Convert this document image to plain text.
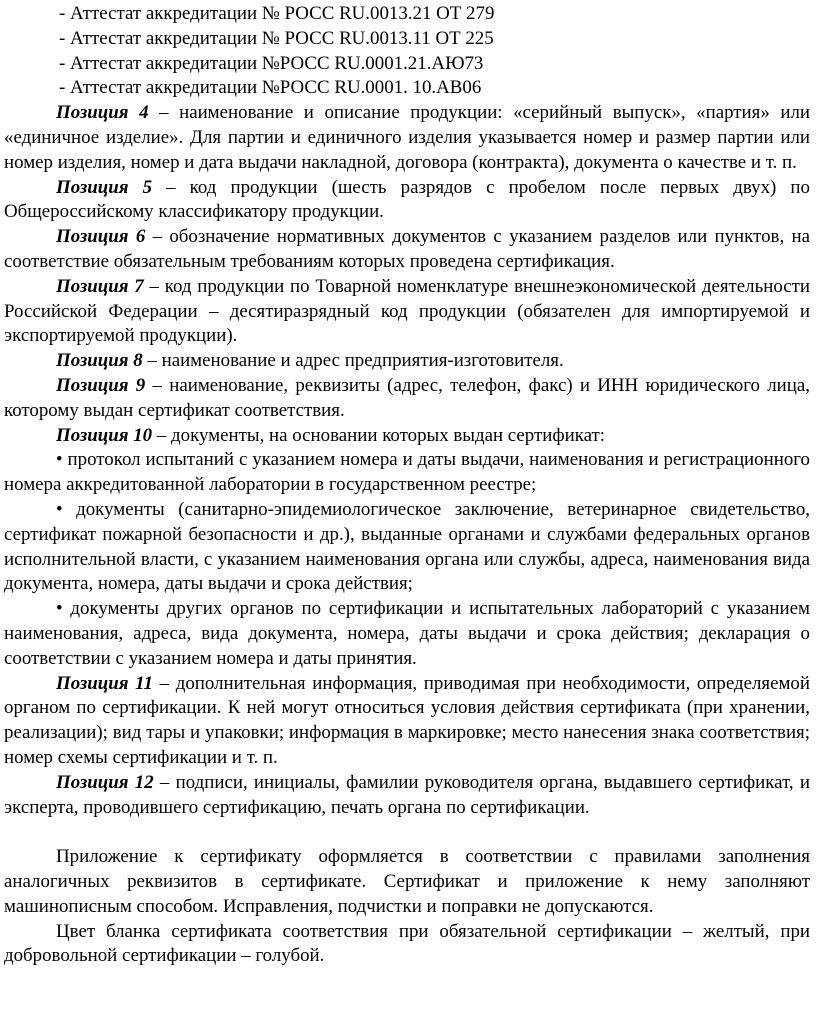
- Аттестат аккредитации № РОСС RU.0013.21 ОТ 279

- Аттестат аккредитации № РОСС RU.0013.11 ОТ 225

- Аттестат аккредитации №РОСС RU.0001.21.АЮ73

- Аттестат аккредитации №РОСС RU.0001. 10.АВ06

Позиция 4 – наименование и описание продукции: «серийный выпуск», «партия» или «единичное изделие». Для партии и единичного изделия указывается номер и размер партии или номер изделия, номер и дата выдачи накладной, договора (контракта), документа о качестве и т. п.

Позиция 5 – код продукции (шесть разрядов с пробелом после первых двух) по Общероссийскому классификатору продукции.

Позиция 6 – обозначение нормативных документов с указанием разделов или пунктов, на соответствие обязательным требованиям которых проведена сертификация.

Позиция 7 – код продукции по Товарной номенклатуре внешнеэкономической деятельности Российской Федерации – десятиразрядный код продукции (обязателен для импортируемой и экспортируемой продукции).

Позиция 8 – наименование и адрес предприятия-изготовителя.

Позиция 9 – наименование, реквизиты (адрес, телефон, факс) и ИНН юридического лица, которому выдан сертификат соответствия.

Позиция 10 – документы, на основании которых выдан сертификат:

• протокол испытаний с указанием номера и даты выдачи, наименования и регистрационного номера аккредитованной лаборатории в государственном реестре;

• документы (санитарно-эпидемиологическое заключение, ветеринарное свидетельство, сертификат пожарной безопасности и др.), выданные органами и службами федеральных органов исполнительной власти, с указанием наименования органа или службы, адреса, наименования вида документа, номера, даты выдачи и срока действия;

• документы других органов по сертификации и испытательных лабораторий с указанием наименования, адреса, вида документа, номера, даты выдачи и срока действия; декларация о соответствии с указанием номера и даты принятия.

Позиция 11 – дополнительная информация, приводимая при необходимости, определяемой органом по сертификации. К ней могут относиться условия действия сертификата (при хранении, реализации); вид тары и упаковки; информация в маркировке; место нанесения знака соответствия; номер схемы сертификации и т. п.

Позиция 12 – подписи, инициалы, фамилии руководителя органа, выдавшего сертификат, и эксперта, проводившего сертификацию, печать органа по сертификации.

Приложение к сертификату оформляется в соответствии с правилами заполнения аналогичных реквизитов в сертификате. Сертификат и приложение к нему заполняют машинописным способом. Исправления, подчистки и поправки не допускаются.

Цвет бланка сертификата соответствия при обязательной сертификации – желтый, при добровольной сертификации – голубой.
